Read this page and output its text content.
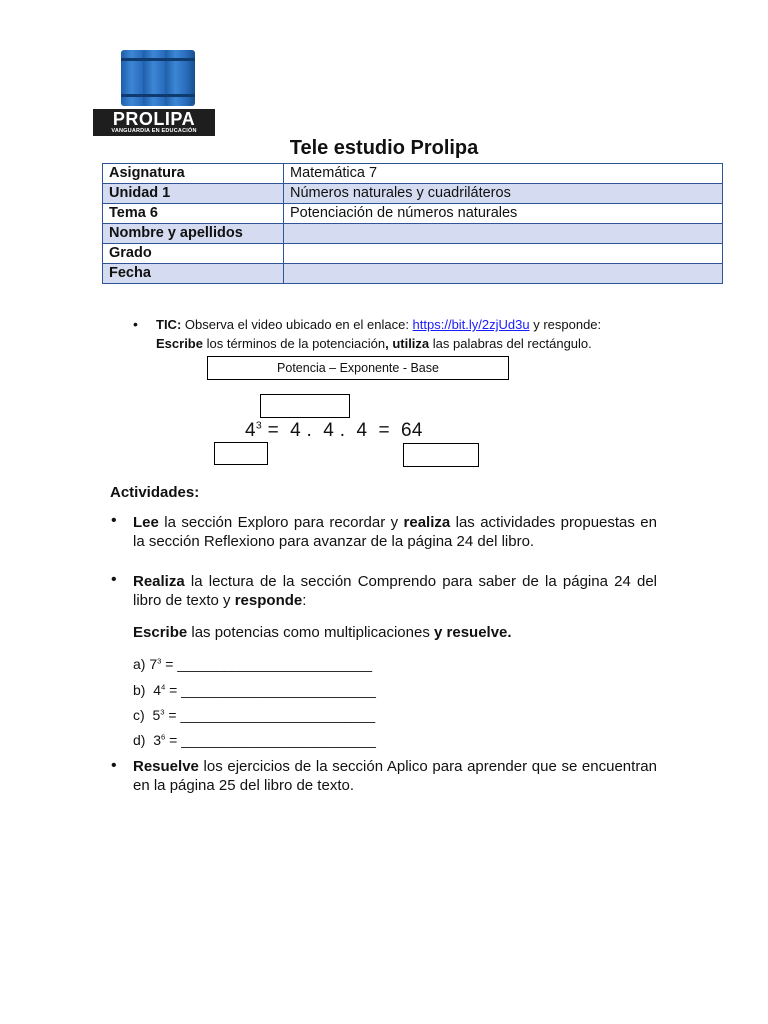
PROLIPA
VANGUARDIA EN EDUCACIÓN
Tele estudio Prolipa
Asignatura	Matemática 7
Unidad 1	Números naturales y cuadriláteros
Tema 6	Potenciación de números naturales
Nombre y apellidos	
Grado	
Fecha	
• TIC: Observa el video ubicado en el enlace: https://bit.ly/2zjUd3u y responde:
Escribe los términos de la potenciación, utiliza las palabras del rectángulo.
Potencia – Exponente - Base
$4^3 = 4$ .  4 .  4  =  64
Actividades:
• Lee la sección Exploro para recordar y realiza las actividades propuestas en la sección Reflexiono para avanzar de la página 24 del libro.
• Realiza la lectura de la sección Comprendo para saber de la página 24 del libro de texto y responde:
Escribe las potencias como multiplicaciones y resuelve.
a) $7^3$ = _________________________
b)  $4^4$ = _________________________
c)  $5^3$ = _________________________
d)  $3^6$ = _________________________
• Resuelve los ejercicios de la sección Aplico para aprender que se encuentran en la página 25 del libro de texto.
